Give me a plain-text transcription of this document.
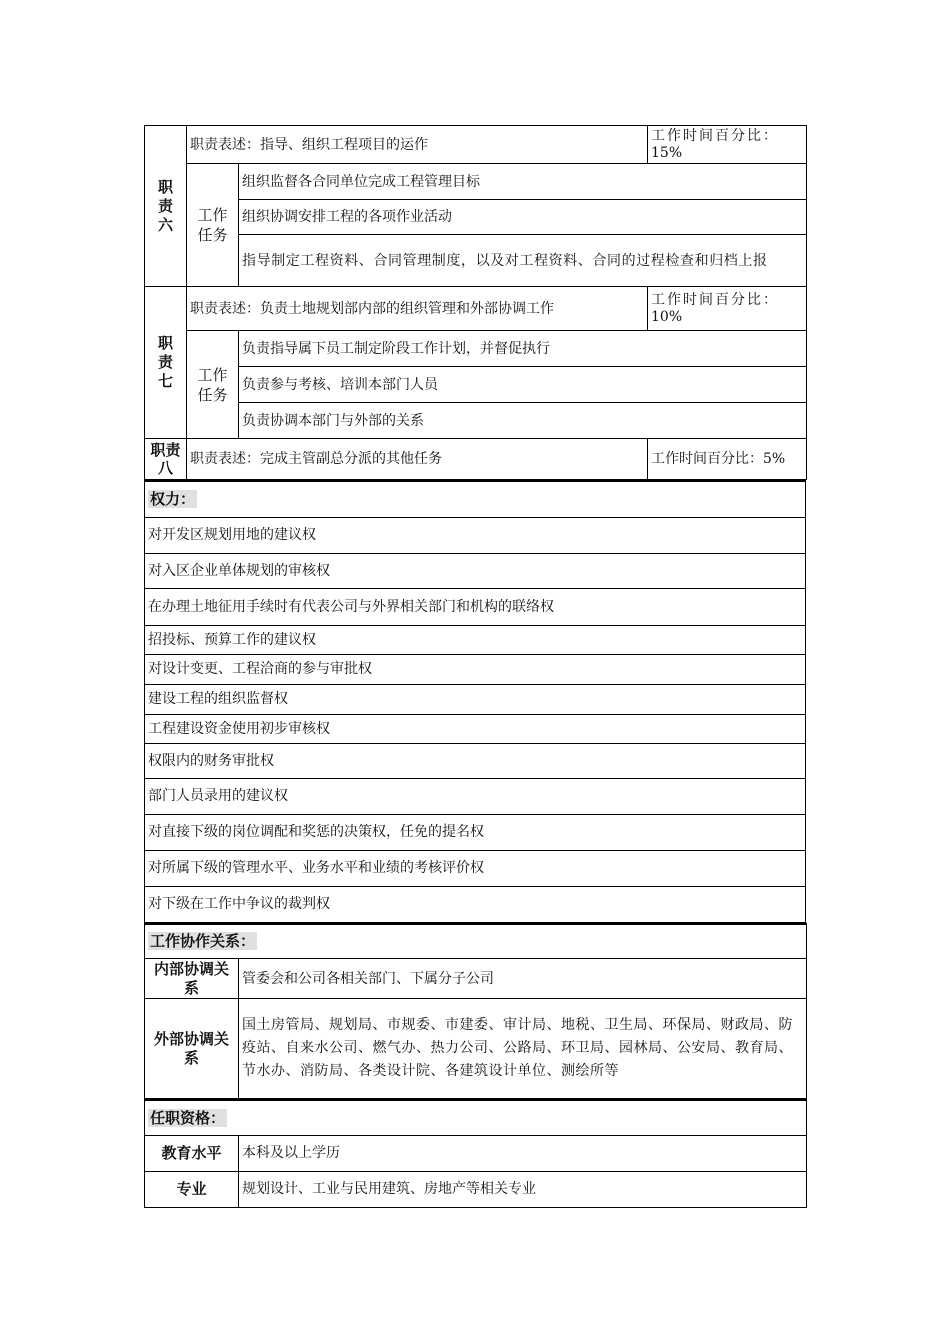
职责六	职责表述：指导、组织工程项目的运作		工作时间百分比：
15%

	工作任务	组织监督各合同单位完成工程管理目标	
		组织协调安排工程的各项作业活动	
		指导制定工程资料、合同管理制度，以及对工程资料、合同的过程检查和归档上报	

职责七	职责表述：负责土地规划部内部的组织管理和外部协调工作		工作时间百分比：
10%

	工作任务	负责指导属下员工制定阶段工作计划，并督促执行	
		负责参与考核、培训本部门人员	
		负责协调本部门与外部的关系	

职责八	职责表述：完成主管副总分派的其他任务		工作时间百分比：5%
权力：
对开发区规划用地的建议权
对入区企业单体规划的审核权
在办理土地征用手续时有代表公司与外界相关部门和机构的联络权
招投标、预算工作的建议权
对设计变更、工程洽商的参与审批权
建设工程的组织监督权
工程建设资金使用初步审核权
权限内的财务审批权
部门人员录用的建议权
对直接下级的岗位调配和奖惩的决策权，任免的提名权
对所属下级的管理水平、业务水平和业绩的考核评价权
对下级在工作中争议的裁判权
工作协作关系：	
内部协调关系	管委会和公司各相关部门、下属分子公司
外部协调关系	国土房管局、规划局、市规委、市建委、审计局、地税、卫生局、环保局、财政局、防疫站、自来水公司、燃气办、热力公司、公路局、环卫局、园林局、公安局、教育局、节水办、消防局、各类设计院、各建筑设计单位、测绘所等
任职资格：	
教育水平	本科及以上学历
专业	规划设计、工业与民用建筑、房地产等相关专业
